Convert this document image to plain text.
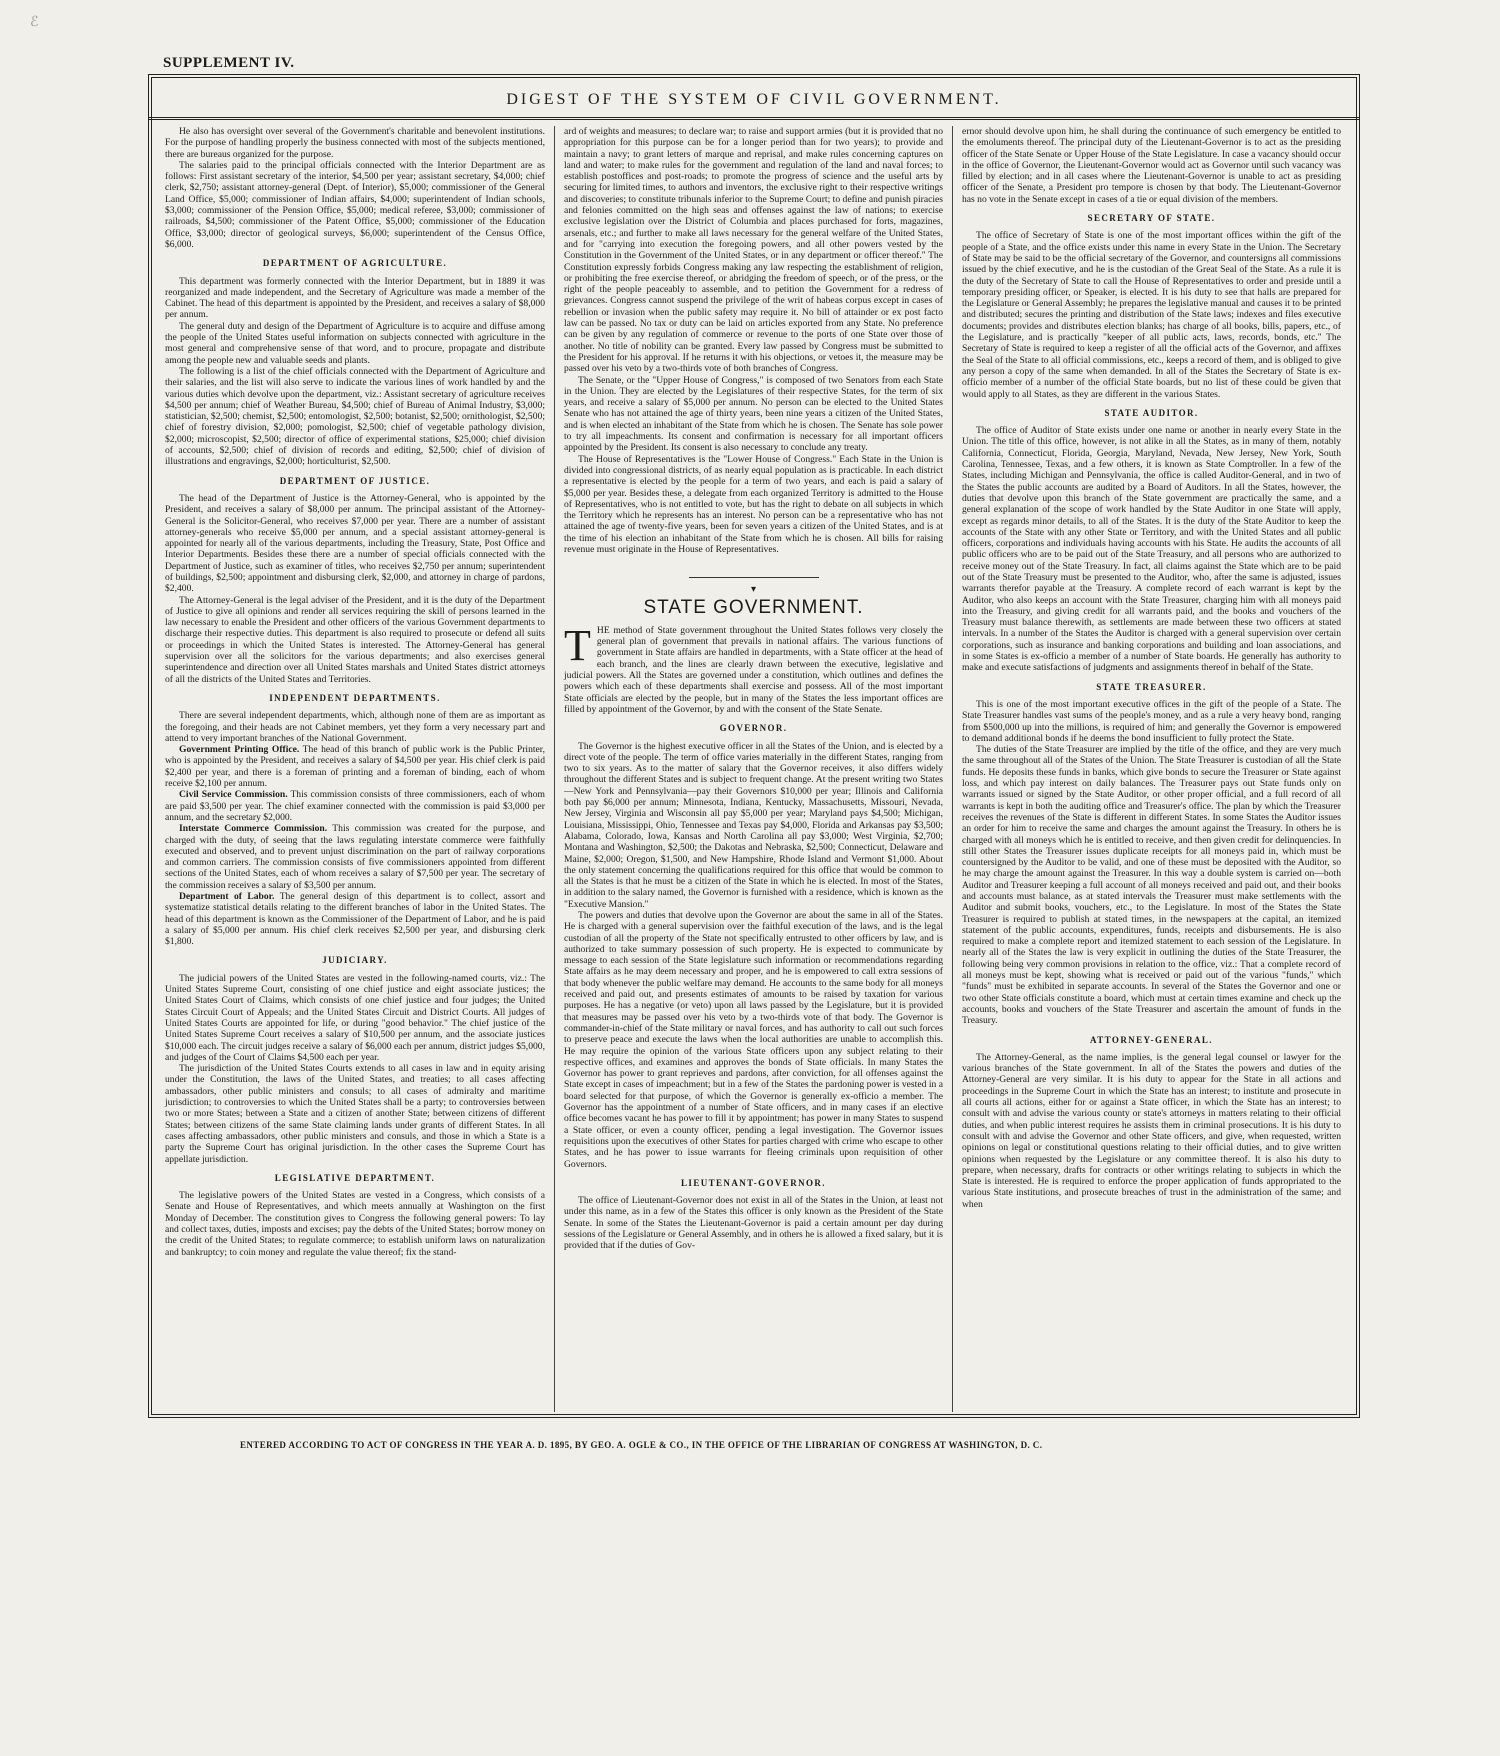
ℰ
SUPPLEMENT IV.
DIGEST OF THE SYSTEM OF CIVIL GOVERNMENT.

He also has oversight over several of the Government's charitable and benevolent institutions. For the purpose of handling properly the business connected with most of the subjects mentioned, there are bureaus organized for the purpose.

The salaries paid to the principal officials connected with the Interior Department are as follows: First assistant secretary of the interior, $4,500 per year; assistant secretary, $4,000; chief clerk, $2,750; assistant attorney-general (Dept. of Interior), $5,000; commissioner of the General Land Office, $5,000; commissioner of Indian affairs, $4,000; superintendent of Indian schools, $3,000; commissioner of the Pension Office, $5,000; medical referee, $3,000; commissioner of railroads, $4,500; commissioner of the Patent Office, $5,000; commissioner of the Education Office, $3,000; director of geological surveys, $6,000; superintendent of the Census Office, $6,000.

DEPARTMENT OF AGRICULTURE.

This department was formerly connected with the Interior Department, but in 1889 it was reorganized and made independent, and the Secretary of Agriculture was made a member of the Cabinet. The head of this department is appointed by the President, and receives a salary of $8,000 per annum.

The general duty and design of the Department of Agriculture is to acquire and diffuse among the people of the United States useful information on subjects connected with agriculture in the most general and comprehensive sense of that word, and to procure, propagate and distribute among the people new and valuable seeds and plants.

The following is a list of the chief officials connected with the Department of Agriculture and their salaries, and the list will also serve to indicate the various lines of work handled by and the various duties which devolve upon the department, viz.: Assistant secretary of agriculture receives $4,500 per annum; chief of Weather Bureau, $4,500; chief of Bureau of Animal Industry, $3,000; statistician, $2,500; chemist, $2,500; entomologist, $2,500; botanist, $2,500; ornithologist, $2,500; chief of forestry division, $2,000; pomologist, $2,500; chief of vegetable pathology division, $2,000; microscopist, $2,500; director of office of experimental stations, $25,000; chief division of accounts, $2,500; chief of division of records and editing, $2,500; chief of division of illustrations and engravings, $2,000; horticulturist, $2,500.

DEPARTMENT OF JUSTICE.

The head of the Department of Justice is the Attorney-General, who is appointed by the President, and receives a salary of $8,000 per annum. The principal assistant of the Attorney-General is the Solicitor-General, who receives $7,000 per year. There are a number of assistant attorney-generals who receive $5,000 per annum, and a special assistant attorney-general is appointed for nearly all of the various departments, including the Treasury, State, Post Office and Interior Departments. Besides these there are a number of special officials connected with the Department of Justice, such as examiner of titles, who receives $2,750 per annum; superintendent of buildings, $2,500; appointment and disbursing clerk, $2,000, and attorney in charge of pardons, $2,400.

The Attorney-General is the legal adviser of the President, and it is the duty of the Department of Justice to give all opinions and render all services requiring the skill of persons learned in the law necessary to enable the President and other officers of the various Government departments to discharge their respective duties. This department is also required to prosecute or defend all suits or proceedings in which the United States is interested. The Attorney-General has general supervision over all the solicitors for the various departments; and also exercises general superintendence and direction over all United States marshals and United States district attorneys of all the districts of the United States and Territories.

INDEPENDENT DEPARTMENTS.

There are several independent departments, which, although none of them are as important as the foregoing, and their heads are not Cabinet members, yet they form a very necessary part and attend to very important branches of the National Government.

Government Printing Office. The head of this branch of public work is the Public Printer, who is appointed by the President, and receives a salary of $4,500 per year. His chief clerk is paid $2,400 per year, and there is a foreman of printing and a foreman of binding, each of whom receive $2,100 per annum.

Civil Service Commission. This commission consists of three commissioners, each of whom are paid $3,500 per year. The chief examiner connected with the commission is paid $3,000 per annum, and the secretary $2,000.

Interstate Commerce Commission. This commission was created for the purpose, and charged with the duty, of seeing that the laws regulating interstate commerce were faithfully executed and observed, and to prevent unjust discrimination on the part of railway corporations and common carriers. The commission consists of five commissioners appointed from different sections of the United States, each of whom receives a salary of $7,500 per year. The secretary of the commission receives a salary of $3,500 per annum.

Department of Labor. The general design of this department is to collect, assort and systematize statistical details relating to the different branches of labor in the United States. The head of this department is known as the Commissioner of the Department of Labor, and he is paid a salary of $5,000 per annum. His chief clerk receives $2,500 per year, and disbursing clerk $1,800.

JUDICIARY.

The judicial powers of the United States are vested in the following-named courts, viz.: The United States Supreme Court, consisting of one chief justice and eight associate justices; the United States Court of Claims, which consists of one chief justice and four judges; the United States Circuit Court of Appeals; and the United States Circuit and District Courts. All judges of United States Courts are appointed for life, or during "good behavior." The chief justice of the United States Supreme Court receives a salary of $10,500 per annum, and the associate justices $10,000 each. The circuit judges receive a salary of $6,000 each per annum, district judges $5,000, and judges of the Court of Claims $4,500 each per year.

The jurisdiction of the United States Courts extends to all cases in law and in equity arising under the Constitution, the laws of the United States, and treaties; to all cases affecting ambassadors, other public ministers and consuls; to all cases of admiralty and maritime jurisdiction; to controversies to which the United States shall be a party; to controversies between two or more States; between a State and a citizen of another State; between citizens of different States; between citizens of the same State claiming lands under grants of different States. In all cases affecting ambassadors, other public ministers and consuls, and those in which a State is a party the Supreme Court has original jurisdiction. In the other cases the Supreme Court has appellate jurisdiction.

LEGISLATIVE DEPARTMENT.

The legislative powers of the United States are vested in a Congress, which consists of a Senate and House of Representatives, and which meets annually at Washington on the first Monday of December. The constitution gives to Congress the following general powers: To lay and collect taxes, duties, imposts and excises; pay the debts of the United States; borrow money on the credit of the United States; to regulate commerce; to establish uniform laws on naturalization and bankruptcy; to coin money and regulate the value thereof; fix the stand-

ard of weights and measures; to declare war; to raise and support armies (but it is provided that no appropriation for this purpose can be for a longer period than for two years); to provide and maintain a navy; to grant letters of marque and reprisal, and make rules concerning captures on land and water; to make rules for the government and regulation of the land and naval forces; to establish postoffices and post-roads; to promote the progress of science and the useful arts by securing for limited times, to authors and inventors, the exclusive right to their respective writings and discoveries; to constitute tribunals inferior to the Supreme Court; to define and punish piracies and felonies committed on the high seas and offenses against the law of nations; to exercise exclusive legislation over the District of Columbia and places purchased for forts, magazines, arsenals, etc.; and further to make all laws necessary for the general welfare of the United States, and for "carrying into execution the foregoing powers, and all other powers vested by the Constitution in the Government of the United States, or in any department or officer thereof." The Constitution expressly forbids Congress making any law respecting the establishment of religion, or prohibiting the free exercise thereof, or abridging the freedom of speech, or of the press, or the right of the people peaceably to assemble, and to petition the Government for a redress of grievances. Congress cannot suspend the privilege of the writ of habeas corpus except in cases of rebellion or invasion when the public safety may require it. No bill of attainder or ex post facto law can be passed. No tax or duty can be laid on articles exported from any State. No preference can be given by any regulation of commerce or revenue to the ports of one State over those of another. No title of nobility can be granted. Every law passed by Congress must be submitted to the President for his approval. If he returns it with his objections, or vetoes it, the measure may be passed over his veto by a two-thirds vote of both branches of Congress.

The Senate, or the "Upper House of Congress," is composed of two Senators from each State in the Union. They are elected by the Legislatures of their respective States, for the term of six years, and receive a salary of $5,000 per annum. No person can be elected to the United States Senate who has not attained the age of thirty years, been nine years a citizen of the United States, and is when elected an inhabitant of the State from which he is chosen. The Senate has sole power to try all impeachments. Its consent and confirmation is necessary for all important officers appointed by the President. Its consent is also necessary to conclude any treaty.

The House of Representatives is the "Lower House of Congress." Each State in the Union is divided into congressional districts, of as nearly equal population as is practicable. In each district a representative is elected by the people for a term of two years, and each is paid a salary of $5,000 per year. Besides these, a delegate from each organized Territory is admitted to the House of Representatives, who is not entitled to vote, but has the right to debate on all subjects in which the Territory which he represents has an interest. No person can be a representative who has not attained the age of twenty-five years, been for seven years a citizen of the United States, and is at the time of his election an inhabitant of the State from which he is chosen. All bills for raising revenue must originate in the House of Representatives.

▾
STATE GOVERNMENT.

THE method of State government throughout the United States follows very closely the general plan of government that prevails in national affairs. The various functions of government in State affairs are handled in departments, with a State officer at the head of each branch, and the lines are clearly drawn between the executive, legislative and judicial powers. All the States are governed under a constitution, which outlines and defines the powers which each of these departments shall exercise and possess. All of the most important State officials are elected by the people, but in many of the States the less important offices are filled by appointment of the Governor, by and with the consent of the State Senate.

GOVERNOR.

The Governor is the highest executive officer in all the States of the Union, and is elected by a direct vote of the people. The term of office varies materially in the different States, ranging from two to six years. As to the matter of salary that the Governor receives, it also differs widely throughout the different States and is subject to frequent change. At the present writing two States—New York and Pennsylvania—pay their Governors $10,000 per year; Illinois and California both pay $6,000 per annum; Minnesota, Indiana, Kentucky, Massachusetts, Missouri, Nevada, New Jersey, Virginia and Wisconsin all pay $5,000 per year; Maryland pays $4,500; Michigan, Louisiana, Mississippi, Ohio, Tennessee and Texas pay $4,000, Florida and Arkansas pay $3,500; Alabama, Colorado, Iowa, Kansas and North Carolina all pay $3,000; West Virginia, $2,700; Montana and Washington, $2,500; the Dakotas and Nebraska, $2,500; Connecticut, Delaware and Maine, $2,000; Oregon, $1,500, and New Hampshire, Rhode Island and Vermont $1,000. About the only statement concerning the qualifications required for this office that would be common to all the States is that he must be a citizen of the State in which he is elected. In most of the States, in addition to the salary named, the Governor is furnished with a residence, which is known as the "Executive Mansion."

The powers and duties that devolve upon the Governor are about the same in all of the States. He is charged with a general supervision over the faithful execution of the laws, and is the legal custodian of all the property of the State not specifically entrusted to other officers by law, and is authorized to take summary possession of such property. He is expected to communicate by message to each session of the State legislature such information or recommendations regarding State affairs as he may deem necessary and proper, and he is empowered to call extra sessions of that body whenever the public welfare may demand. He accounts to the same body for all moneys received and paid out, and presents estimates of amounts to be raised by taxation for various purposes. He has a negative (or veto) upon all laws passed by the Legislature, but it is provided that measures may be passed over his veto by a two-thirds vote of that body. The Governor is commander-in-chief of the State military or naval forces, and has authority to call out such forces to preserve peace and execute the laws when the local authorities are unable to accomplish this. He may require the opinion of the various State officers upon any subject relating to their respective offices, and examines and approves the bonds of State officials. In many States the Governor has power to grant reprieves and pardons, after conviction, for all offenses against the State except in cases of impeachment; but in a few of the States the pardoning power is vested in a board selected for that purpose, of which the Governor is generally ex-officio a member. The Governor has the appointment of a number of State officers, and in many cases if an elective office becomes vacant he has power to fill it by appointment; has power in many States to suspend a State officer, or even a county officer, pending a legal investigation. The Governor issues requisitions upon the executives of other States for parties charged with crime who escape to other States, and he has power to issue warrants for fleeing criminals upon requisition of other Governors.

LIEUTENANT-GOVERNOR.

The office of Lieutenant-Governor does not exist in all of the States in the Union, at least not under this name, as in a few of the States this officer is only known as the President of the State Senate. In some of the States the Lieutenant-Governor is paid a certain amount per day during sessions of the Legislature or General Assembly, and in others he is allowed a fixed salary, but it is provided that if the duties of Gov-

ernor should devolve upon him, he shall during the continuance of such emergency be entitled to the emoluments thereof. The principal duty of the Lieutenant-Governor is to act as the presiding officer of the State Senate or Upper House of the State Legislature. In case a vacancy should occur in the office of Governor, the Lieutenant-Governor would act as Governor until such vacancy was filled by election; and in all cases where the Lieutenant-Governor is unable to act as presiding officer of the Senate, a President pro tempore is chosen by that body. The Lieutenant-Governor has no vote in the Senate except in cases of a tie or equal division of the members.

SECRETARY OF STATE.

The office of Secretary of State is one of the most important offices within the gift of the people of a State, and the office exists under this name in every State in the Union. The Secretary of State may be said to be the official secretary of the Governor, and countersigns all commissions issued by the chief executive, and he is the custodian of the Great Seal of the State. As a rule it is the duty of the Secretary of State to call the House of Representatives to order and preside until a temporary presiding officer, or Speaker, is elected. It is his duty to see that halls are prepared for the Legislature or General Assembly; he prepares the legislative manual and causes it to be printed and distributed; secures the printing and distribution of the State laws; indexes and files executive documents; provides and distributes election blanks; has charge of all books, bills, papers, etc., of the Legislature, and is practically "keeper of all public acts, laws, records, bonds, etc." The Secretary of State is required to keep a register of all the official acts of the Governor, and affixes the Seal of the State to all official commissions, etc., keeps a record of them, and is obliged to give any person a copy of the same when demanded. In all of the States the Secretary of State is ex-officio member of a number of the official State boards, but no list of these could be given that would apply to all States, as they are different in the various States.

STATE AUDITOR.

The office of Auditor of State exists under one name or another in nearly every State in the Union. The title of this office, however, is not alike in all the States, as in many of them, notably California, Connecticut, Florida, Georgia, Maryland, Nevada, New Jersey, New York, South Carolina, Tennessee, Texas, and a few others, it is known as State Comptroller. In a few of the States, including Michigan and Pennsylvania, the office is called Auditor-General, and in two of the States the public accounts are audited by a Board of Auditors. In all the States, however, the duties that devolve upon this branch of the State government are practically the same, and a general explanation of the scope of work handled by the State Auditor in one State will apply, except as regards minor details, to all of the States. It is the duty of the State Auditor to keep the accounts of the State with any other State or Territory, and with the United States and all public officers, corporations and individuals having accounts with his State. He audits the accounts of all public officers who are to be paid out of the State Treasury, and all persons who are authorized to receive money out of the State Treasury. In fact, all claims against the State which are to be paid out of the State Treasury must be presented to the Auditor, who, after the same is adjusted, issues warrants therefor payable at the Treasury. A complete record of each warrant is kept by the Auditor, who also keeps an account with the State Treasurer, charging him with all moneys paid into the Treasury, and giving credit for all warrants paid, and the books and vouchers of the Treasury must balance therewith, as settlements are made between these two officers at stated intervals. In a number of the States the Auditor is charged with a general supervision over certain corporations, such as insurance and banking corporations and building and loan associations, and in some States is ex-officio a member of a number of State boards. He generally has authority to make and execute satisfactions of judgments and assignments thereof in behalf of the State.

STATE TREASURER.

This is one of the most important executive offices in the gift of the people of a State. The State Treasurer handles vast sums of the people's money, and as a rule a very heavy bond, ranging from $500,000 up into the millions, is required of him; and generally the Governor is empowered to demand additional bonds if he deems the bond insufficient to fully protect the State.

The duties of the State Treasurer are implied by the title of the office, and they are very much the same throughout all of the States of the Union. The State Treasurer is custodian of all the State funds. He deposits these funds in banks, which give bonds to secure the Treasurer or State against loss, and which pay interest on daily balances. The Treasurer pays out State funds only on warrants issued or signed by the State Auditor, or other proper official, and a full record of all warrants is kept in both the auditing office and Treasurer's office. The plan by which the Treasurer receives the revenues of the State is different in different States. In some States the Auditor issues an order for him to receive the same and charges the amount against the Treasury. In others he is charged with all moneys which he is entitled to receive, and then given credit for delinquencies. In still other States the Treasurer issues duplicate receipts for all moneys paid in, which must be countersigned by the Auditor to be valid, and one of these must be deposited with the Auditor, so he may charge the amount against the Treasurer. In this way a double system is carried on—both Auditor and Treasurer keeping a full account of all moneys received and paid out, and their books and accounts must balance, as at stated intervals the Treasurer must make settlements with the Auditor and submit books, vouchers, etc., to the Legislature. In most of the States the State Treasurer is required to publish at stated times, in the newspapers at the capital, an itemized statement of the public accounts, expenditures, funds, receipts and disbursements. He is also required to make a complete report and itemized statement to each session of the Legislature. In nearly all of the States the law is very explicit in outlining the duties of the State Treasurer, the following being very common provisions in relation to the office, viz.: That a complete record of all moneys must be kept, showing what is received or paid out of the various "funds," which "funds" must be exhibited in separate accounts. In several of the States the Governor and one or two other State officials constitute a board, which must at certain times examine and check up the accounts, books and vouchers of the State Treasurer and ascertain the amount of funds in the Treasury.

ATTORNEY-GENERAL.

The Attorney-General, as the name implies, is the general legal counsel or lawyer for the various branches of the State government. In all of the States the powers and duties of the Attorney-General are very similar. It is his duty to appear for the State in all actions and proceedings in the Supreme Court in which the State has an interest; to institute and prosecute in all courts all actions, either for or against a State officer, in which the State has an interest; to consult with and advise the various county or state's attorneys in matters relating to their official duties, and when public interest requires he assists them in criminal prosecutions. It is his duty to consult with and advise the Governor and other State officers, and give, when requested, written opinions on legal or constitutional questions relating to their official duties, and to give written opinions when requested by the Legislature or any committee thereof. It is also his duty to prepare, when necessary, drafts for contracts or other writings relating to subjects in which the State is interested. He is required to enforce the proper application of funds appropriated to the various State institutions, and prosecute breaches of trust in the administration of the same; and when

ENTERED ACCORDING TO ACT OF CONGRESS IN THE YEAR A. D. 1895, BY GEO. A. OGLE & CO., IN THE OFFICE OF THE LIBRARIAN OF CONGRESS AT WASHINGTON, D. C.
